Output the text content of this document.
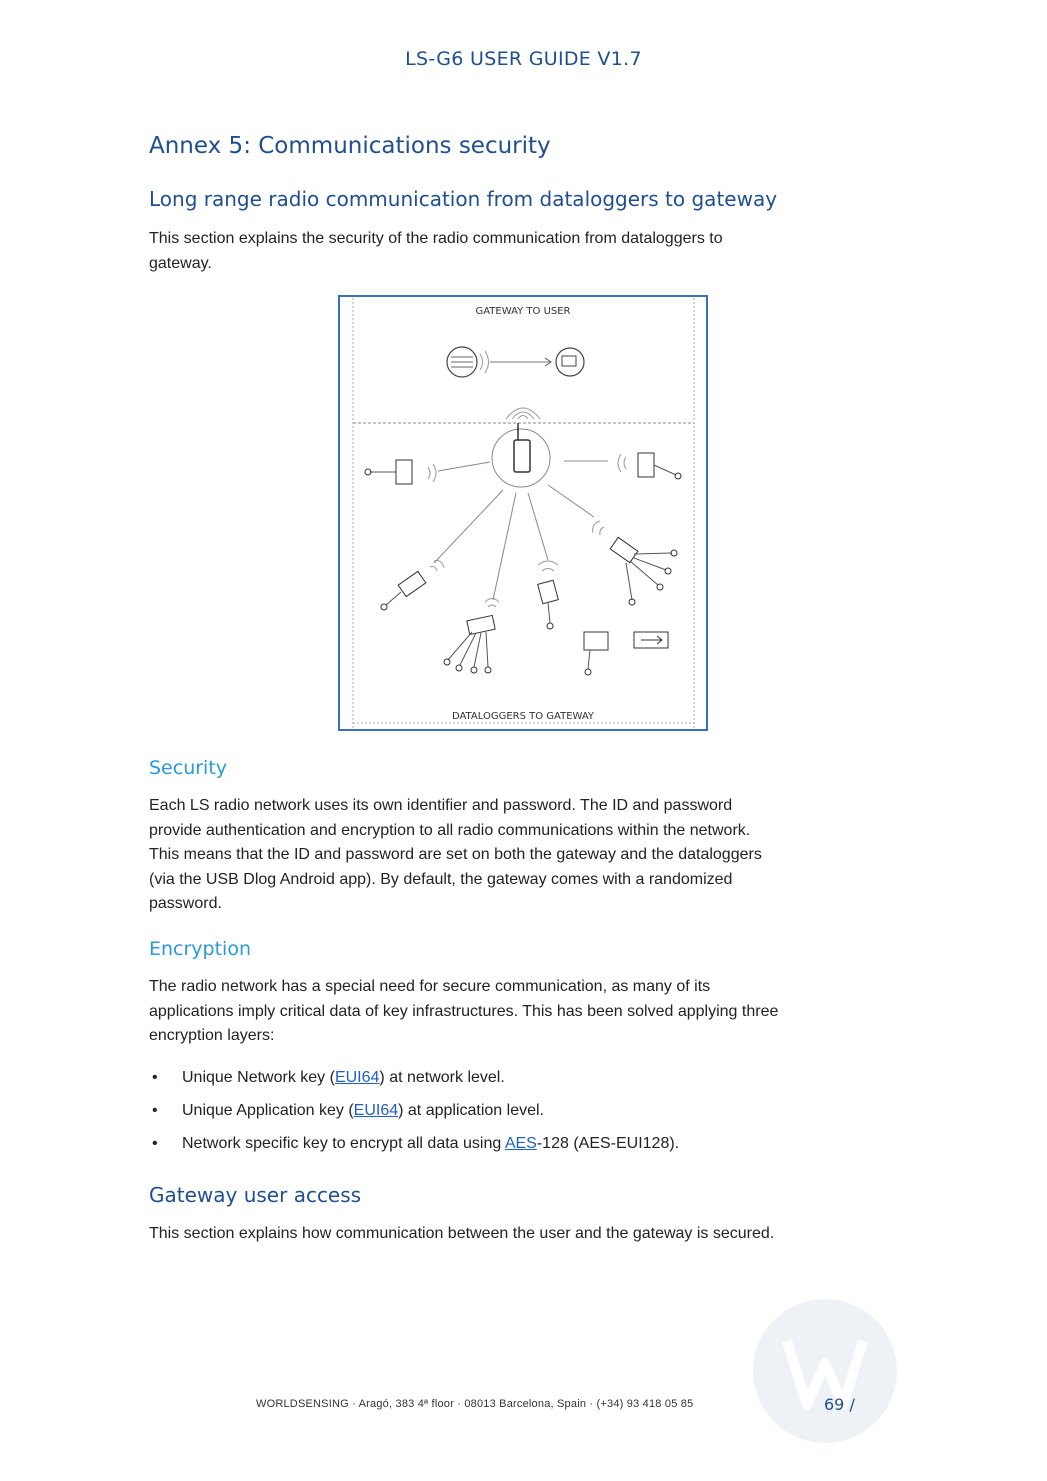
LS-G6 USER GUIDE V1.7
Annex 5: Communications security
Long range radio communication from dataloggers to gateway
This section explains the security of the radio communication from dataloggers to
gateway.
GATEWAY TO USER
DATALOGGERS TO GATEWAY
Security
Each LS radio network uses its own identifier and password. The ID and password
provide authentication and encryption to all radio communications within the network.
This means that the ID and password are set on both the gateway and the dataloggers
(via the USB Dlog Android app). By default, the gateway comes with a randomized
password.
Encryption
The radio network has a special need for secure communication, as many of its
applications imply critical data of key infrastructures. This has been solved applying three
encryption layers:
• Unique Network key (EUI64) at network level.
• Unique Application key (EUI64) at application level.
• Network specific key to encrypt all data using AES-128 (AES-EUI128).
Gateway user access
This section explains how communication between the user and the gateway is secured.
WORLDSENSING · Aragó, 383 4ª floor · 08013 Barcelona, Spain · (+34) 93 418 05 85	69 /
